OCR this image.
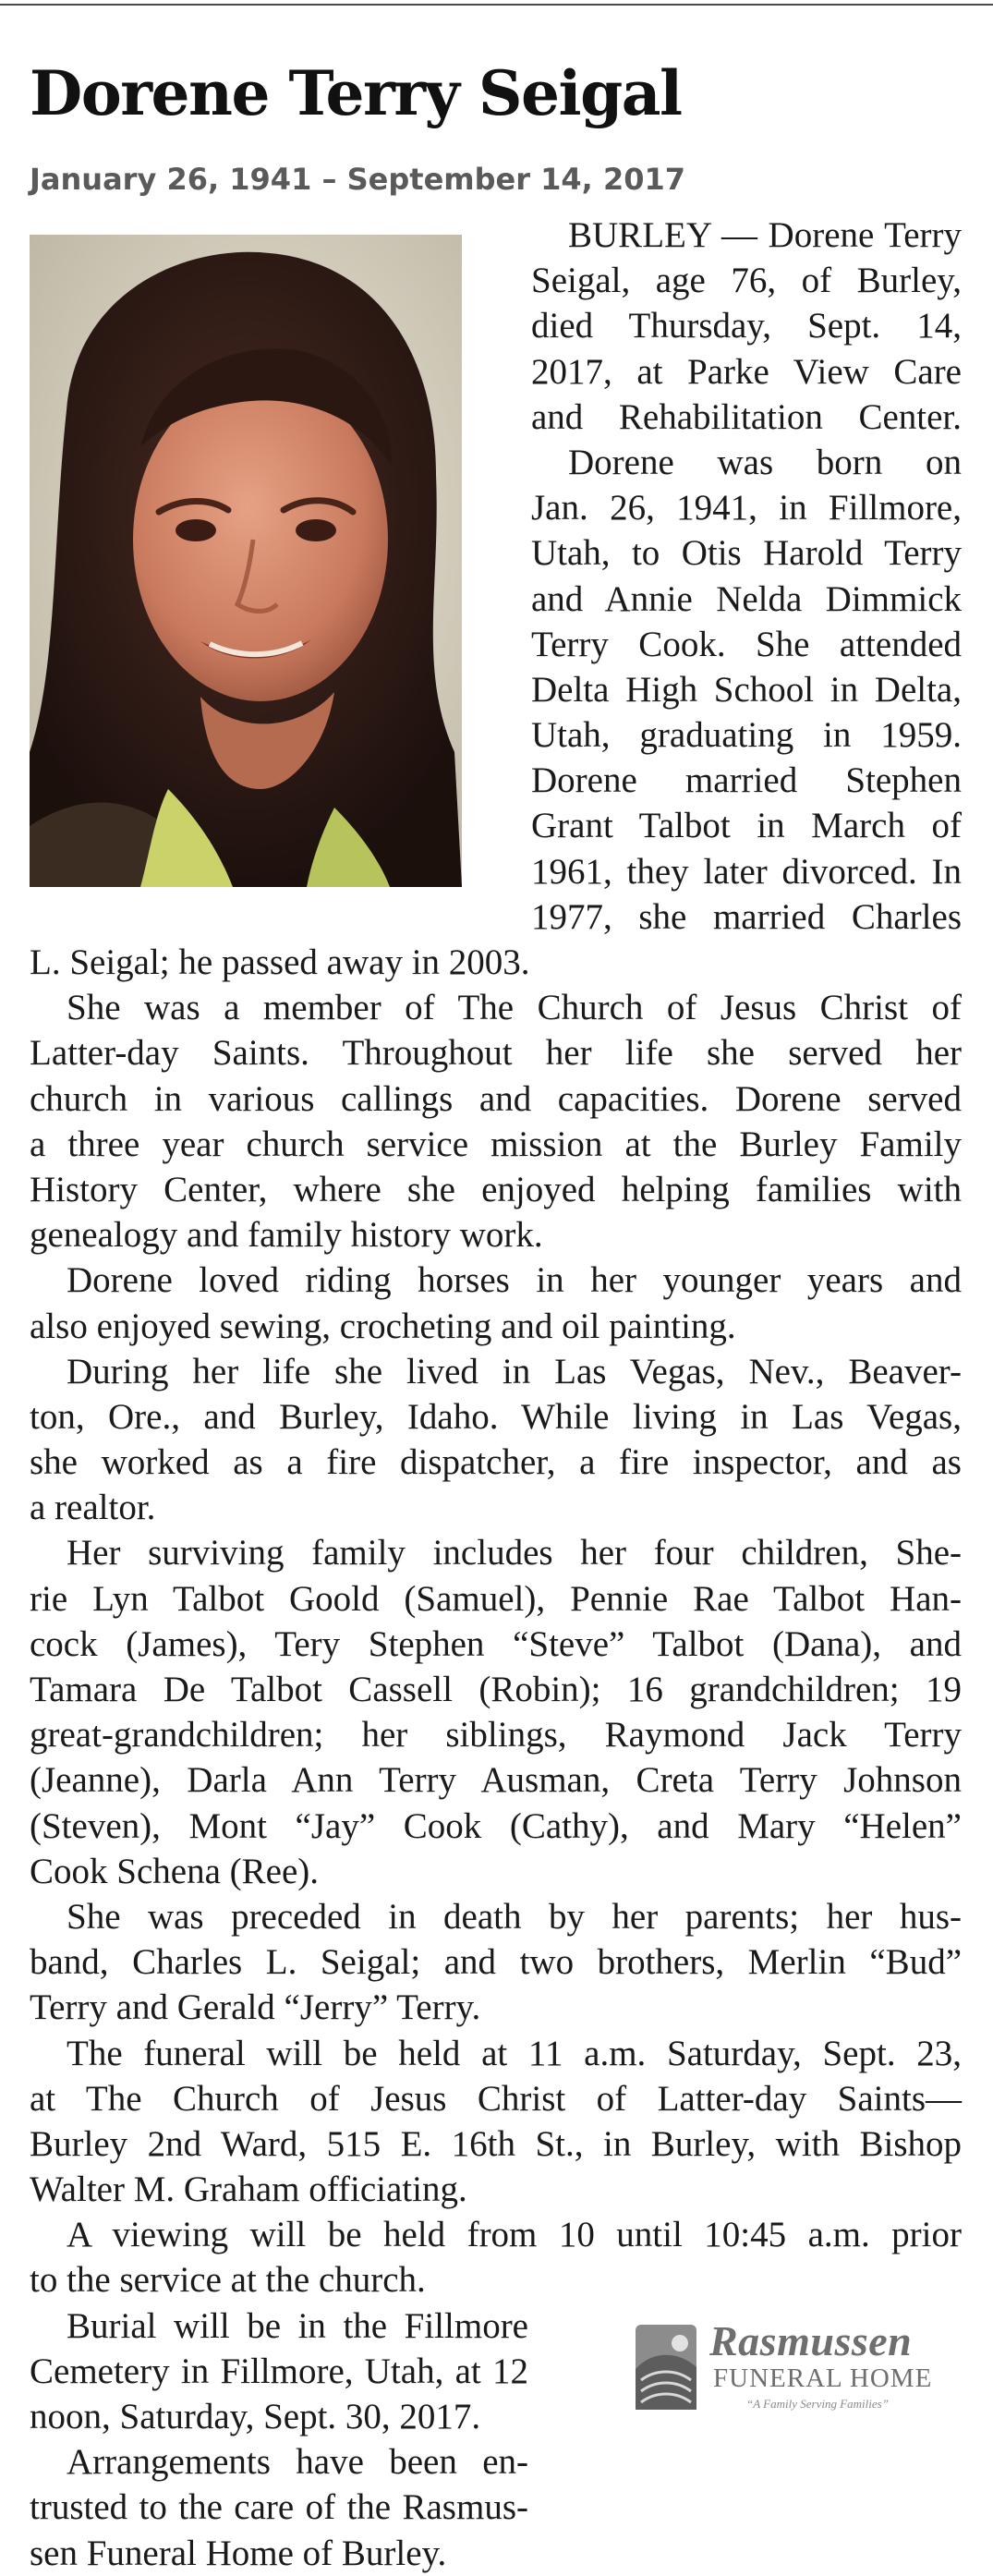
Dorene Terry Seigal
January 26, 1941 – September 14, 2017
BURLEY — Dorene Terry
Seigal, age 76, of Burley,
died Thursday, Sept. 14,
2017, at Parke View Care
and Rehabilitation Center.
Dorene was born on
Jan. 26, 1941, in Fillmore,
Utah, to Otis Harold Terry
and Annie Nelda Dimmick
Terry Cook. She attended
Delta High School in Delta,
Utah, graduating in 1959.
Dorene married Stephen
Grant Talbot in March of
1961, they later divorced. In
1977, she married Charles
L. Seigal; he passed away in 2003.
She was a member of The Church of Jesus Christ of
Latter-day Saints. Throughout her life she served her
church in various callings and capacities. Dorene served
a three year church service mission at the Burley Family
History Center, where she enjoyed helping families with
genealogy and family history work.
Dorene loved riding horses in her younger years and
also enjoyed sewing, crocheting and oil painting.
During her life she lived in Las Vegas, Nev., Beaver-
ton, Ore., and Burley, Idaho. While living in Las Vegas,
she worked as a fire dispatcher, a fire inspector, and as
a realtor.
Her surviving family includes her four children, She-
rie Lyn Talbot Goold (Samuel), Pennie Rae Talbot Han-
cock (James), Tery Stephen “Steve” Talbot (Dana), and
Tamara De Talbot Cassell (Robin); 16 grandchildren; 19
great-grandchildren; her siblings, Raymond Jack Terry
(Jeanne), Darla Ann Terry Ausman, Creta Terry Johnson
(Steven), Mont “Jay” Cook (Cathy), and Mary “Helen”
Cook Schena (Ree).
She was preceded in death by her parents; her hus-
band, Charles L. Seigal; and two brothers, Merlin “Bud”
Terry and Gerald “Jerry” Terry.
The funeral will be held at 11 a.m. Saturday, Sept. 23,
at The Church of Jesus Christ of Latter-day Saints—
Burley 2nd Ward, 515 E. 16th St., in Burley, with Bishop
Walter M. Graham officiating.
A viewing will be held from 10 until 10:45 a.m. prior
to the service at the church.
Burial will be in the Fillmore
Cemetery in Fillmore, Utah, at 12
noon, Saturday, Sept. 30, 2017.
Arrangements have been en-
trusted to the care of the Rasmus-
sen Funeral Home of Burley.
Rasmussen
FUNERAL HOME
“A Family Serving Families”
